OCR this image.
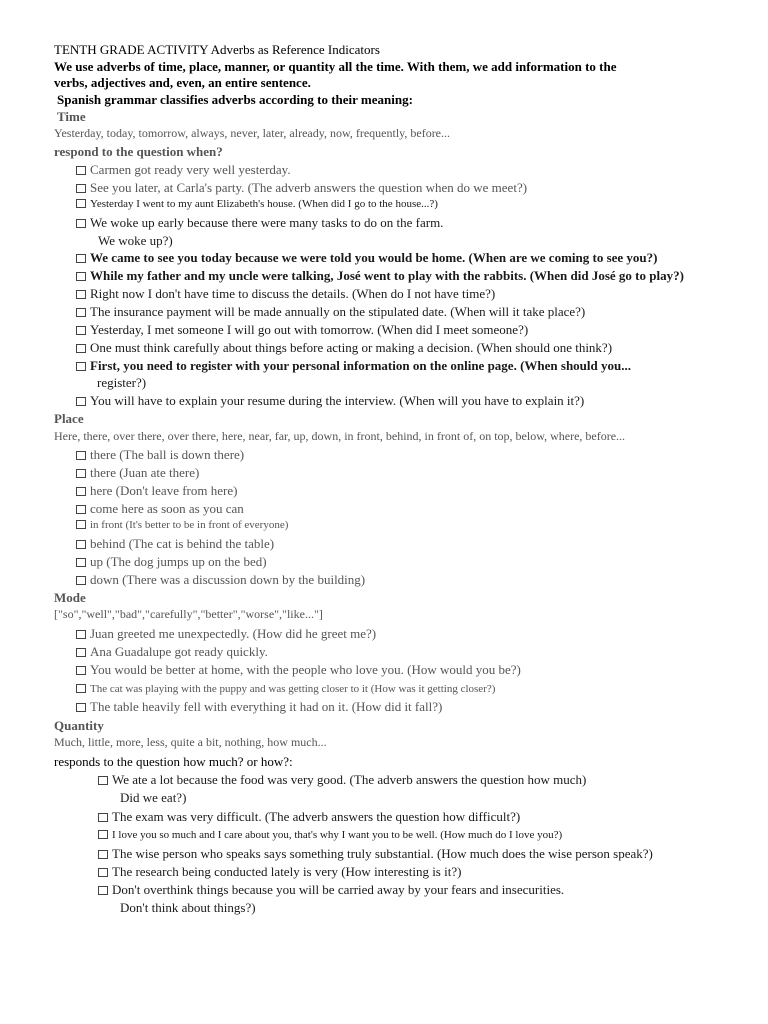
TENTH GRADE ACTIVITY Adverbs as Reference Indicators
We use adverbs of time, place, manner, or quantity all the time. With them, we add information to the
verbs, adjectives and, even, an entire sentence.
Spanish grammar classifies adverbs according to their meaning:
Time
Yesterday, today, tomorrow, always, never, later, already, now, frequently, before...
respond to the question when?
Carmen got ready very well yesterday.
See you later, at Carla's party. (The adverb answers the question when do we meet?)
Yesterday I went to my aunt Elizabeth's house. (When did I go to the house...?)
We woke up early because there were many tasks to do on the farm.
We woke up?)
We came to see you today because we were told you would be home. (When are we coming to see you?)
While my father and my uncle were talking, José went to play with the rabbits. (When did José go to play?)
Right now I don't have time to discuss the details. (When do I not have time?)
The insurance payment will be made annually on the stipulated date. (When will it take place?)
Yesterday, I met someone I will go out with tomorrow. (When did I meet someone?)
One must think carefully about things before acting or making a decision. (When should one think?)
First, you need to register with your personal information on the online page. (When should you...
register?)
You will have to explain your resume during the interview. (When will you have to explain it?)
Place
Here, there, over there, over there, here, near, far, up, down, in front, behind, in front of, on top, below, where, before...
there (The ball is down there)
there (Juan ate there)
here (Don't leave from here)
come here as soon as you can
in front (It's better to be in front of everyone)
behind (The cat is behind the table)
up (The dog jumps up on the bed)
down (There was a discussion down by the building)
Mode
["so","well","bad","carefully","better","worse","like..."]
Juan greeted me unexpectedly. (How did he greet me?)
Ana Guadalupe got ready quickly.
You would be better at home, with the people who love you. (How would you be?)
The cat was playing with the puppy and was getting closer to it (How was it getting closer?)
The table heavily fell with everything it had on it. (How did it fall?)
Quantity
Much, little, more, less, quite a bit, nothing, how much...
responds to the question how much? or how?:
We ate a lot because the food was very good. (The adverb answers the question how much)
Did we eat?)
The exam was very difficult. (The adverb answers the question how difficult?)
I love you so much and I care about you, that's why I want you to be well. (How much do I love you?)
The wise person who speaks says something truly substantial. (How much does the wise person speak?)
The research being conducted lately is very (How interesting is it?)
Don't overthink things because you will be carried away by your fears and insecurities.
Don't think about things?)
